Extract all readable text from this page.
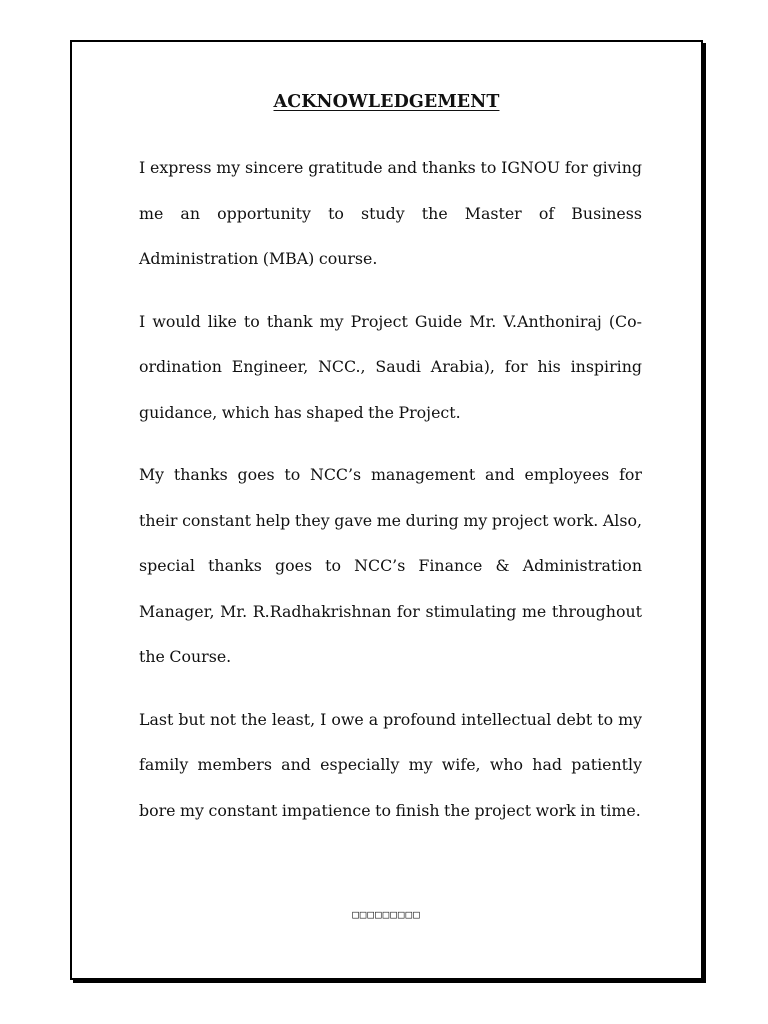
ACKNOWLEDGEMENT

I express my sincere gratitude and thanks to IGNOU for giving me an opportunity to study the Master of Business Administration (MBA) course.

I would like to thank my Project Guide Mr. V.Anthoniraj (Co-ordination Engineer, NCC., Saudi Arabia), for his inspiring guidance, which has shaped the Project.

My thanks goes to NCC’s management and employees for their constant help they gave me during my project work. Also, special thanks goes to NCC’s Finance & Administration Manager, Mr. R.Radhakrishnan for stimulating me throughout the Course.

Last but not the least, I owe a profound intellectual debt to my family members and especially my wife, who had patiently bore my constant impatience to finish the project work in time.

□□□□□□□□□
